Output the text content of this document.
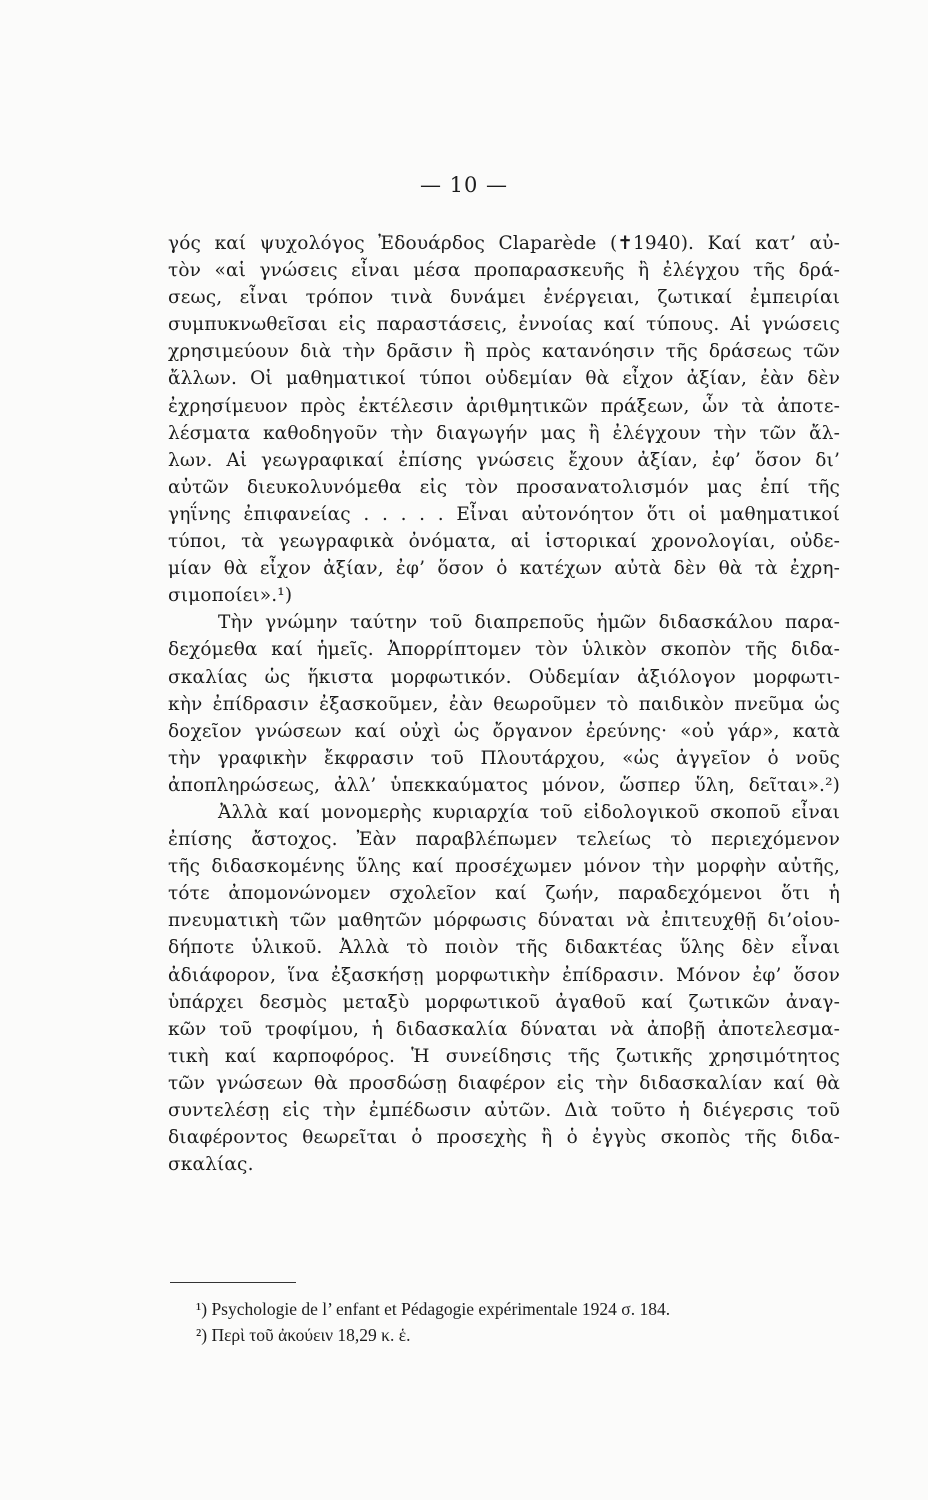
— 10 —
γός καί ψυχολόγος Ἐδουάρδος Claparède (✝1940). Καί κατ’ αὐ-
τὸν «αἱ γνώσεις εἶναι μέσα προπαρασκευῆς ἢ ἐλέγχου τῆς δρά-
σεως, εἶναι τρόπον τινὰ δυνάμει ἐνέργειαι, ζωτικαί ἐμπειρίαι
συμπυκνωθεῖσαι εἰς παραστάσεις, ἐννοίας καί τύπους. Αἱ γνώσεις
χρησιμεύουν διὰ τὴν δρᾶσιν ἢ πρὸς κατανόησιν τῆς δράσεως τῶν
ἄλλων. Οἱ μαθηματικοί τύποι οὐδεμίαν θὰ εἶχον ἀξίαν, ἐὰν δὲν
ἐχρησίμευον πρὸς ἐκτέλεσιν ἀριθμητικῶν πράξεων, ὧν τὰ ἀποτε-
λέσματα καθοδηγοῦν τὴν διαγωγήν μας ἢ ἐλέγχουν τὴν τῶν ἄλ-
λων. Αἱ γεωγραφικαί ἐπίσης γνώσεις ἔχουν ἀξίαν, ἐφ’ ὅσον δι’
αὐτῶν διευκολυνόμεθα εἰς τὸν προσανατολισμόν μας ἐπί τῆς
γηΐνης ἐπιφανείας . . . . . Εἶναι αὐτονόητον ὅτι οἱ μαθηματικοί
τύποι, τὰ γεωγραφικὰ ὀνόματα, αἱ ἱστορικαί χρονολογίαι, οὐδε-
μίαν θὰ εἶχον ἀξίαν, ἐφ’ ὅσον ὁ κατέχων αὐτὰ δὲν θὰ τὰ ἐχρη-
σιμοποίει».¹)
Τὴν γνώμην ταύτην τοῦ διαπρεποῦς ἡμῶν διδασκάλου παρα-
δεχόμεθα καί ἡμεῖς. Ἀπορρίπτομεν τὸν ὑλικὸν σκοπὸν τῆς διδα-
σκαλίας ὡς ἥκιστα μορφωτικόν. Οὐδεμίαν ἀξιόλογον μορφωτι-
κὴν ἐπίδρασιν ἐξασκοῦμεν, ἐὰν θεωροῦμεν τὸ παιδικὸν πνεῦμα ὡς
δοχεῖον γνώσεων καί οὐχὶ ὡς ὄργανον ἐρεύνης· «οὐ γάρ», κατὰ
τὴν γραφικὴν ἔκφρασιν τοῦ Πλουτάρχου, «ὡς ἀγγεῖον ὁ νοῦς
ἀποπληρώσεως, ἀλλ’ ὑπεκκαύματος μόνον, ὥσπερ ὕλη, δεῖται».²)
Ἀλλὰ καί μονομερὴς κυριαρχία τοῦ εἰδολογικοῦ σκοποῦ εἶναι
ἐπίσης ἄστοχος. Ἐὰν παραβλέπωμεν τελείως τὸ περιεχόμενον
τῆς διδασκομένης ὕλης καί προσέχωμεν μόνον τὴν μορφὴν αὐτῆς,
τότε ἀπομονώνομεν σχολεῖον καί ζωήν, παραδεχόμενοι ὅτι ἡ
πνευματικὴ τῶν μαθητῶν μόρφωσις δύναται νὰ ἐπιτευχθῇ δι’οἱου-
δήποτε ὑλικοῦ. Ἀλλὰ τὸ ποιὸν τῆς διδακτέας ὕλης δὲν εἶναι
ἀδιάφορον, ἵνα ἐξασκήσῃ μορφωτικὴν ἐπίδρασιν. Μόνον ἐφ’ ὅσον
ὑπάρχει δεσμὸς μεταξὺ μορφωτικοῦ ἀγαθοῦ καί ζωτικῶν ἀναγ-
κῶν τοῦ τροφίμου, ἡ διδασκαλία δύναται νὰ ἀποβῇ ἀποτελεσμα-
τικὴ καί καρποφόρος. Ἡ συνείδησις τῆς ζωτικῆς χρησιμότητος
τῶν γνώσεων θὰ προσδώσῃ διαφέρον εἰς τὴν διδασκαλίαν καί θὰ
συντελέσῃ εἰς τὴν ἐμπέδωσιν αὐτῶν. Διὰ τοῦτο ἡ διέγερσις τοῦ
διαφέροντος θεωρεῖται ὁ προσεχὴς ἢ ὁ ἐγγὺς σκοπὸς τῆς διδα-
σκαλίας.
¹) Psychologie de l’ enfant et Pédagogie expérimentale 1924 σ. 184.
²) Περὶ τοῦ ἀκούειν 18,29 κ. ἑ.
